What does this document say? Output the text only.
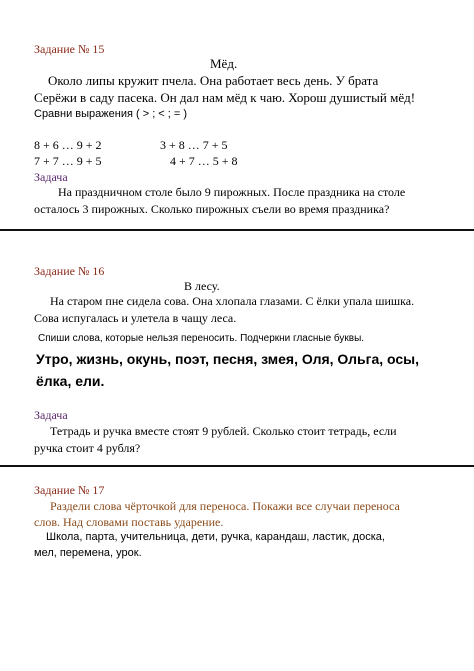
Задание № 15
Мёд.
Около липы кружит пчела. Она работает весь день. У брата
Серёжи в саду пасека. Он дал нам мёд к чаю. Хорош душистый мёд!
Сравни выражения ( > ; < ; = )
8 + 6 … 9 + 2	3 + 8 … 7 + 5
7 + 7 … 9 + 5	4 + 7 … 5 + 8
Задача
На праздничном столе было 9 пирожных. После праздника на столе
осталось 3 пирожных. Сколько пирожных съели во время праздника?
Задание № 16
В лесу.
На старом пне сидела сова. Она хлопала глазами. С ёлки упала шишка.
Сова испугалась и улетела в чащу леса.
Спиши слова, которые нельзя переносить. Подчеркни гласные буквы.
Утро, жизнь, окунь, поэт, песня, змея, Оля, Ольга, осы,
ёлка, ели.
Задача
Тетрадь и ручка вместе стоят 9 рублей. Сколько стоит тетрадь, если
ручка стоит 4 рубля?
Задание № 17
Раздели слова чёрточкой для переноса. Покажи все случаи переноса
слов. Над словами поставь ударение.
Школа, парта, учительница, дети, ручка, карандаш, ластик, доска,
мел, перемена, урок.
